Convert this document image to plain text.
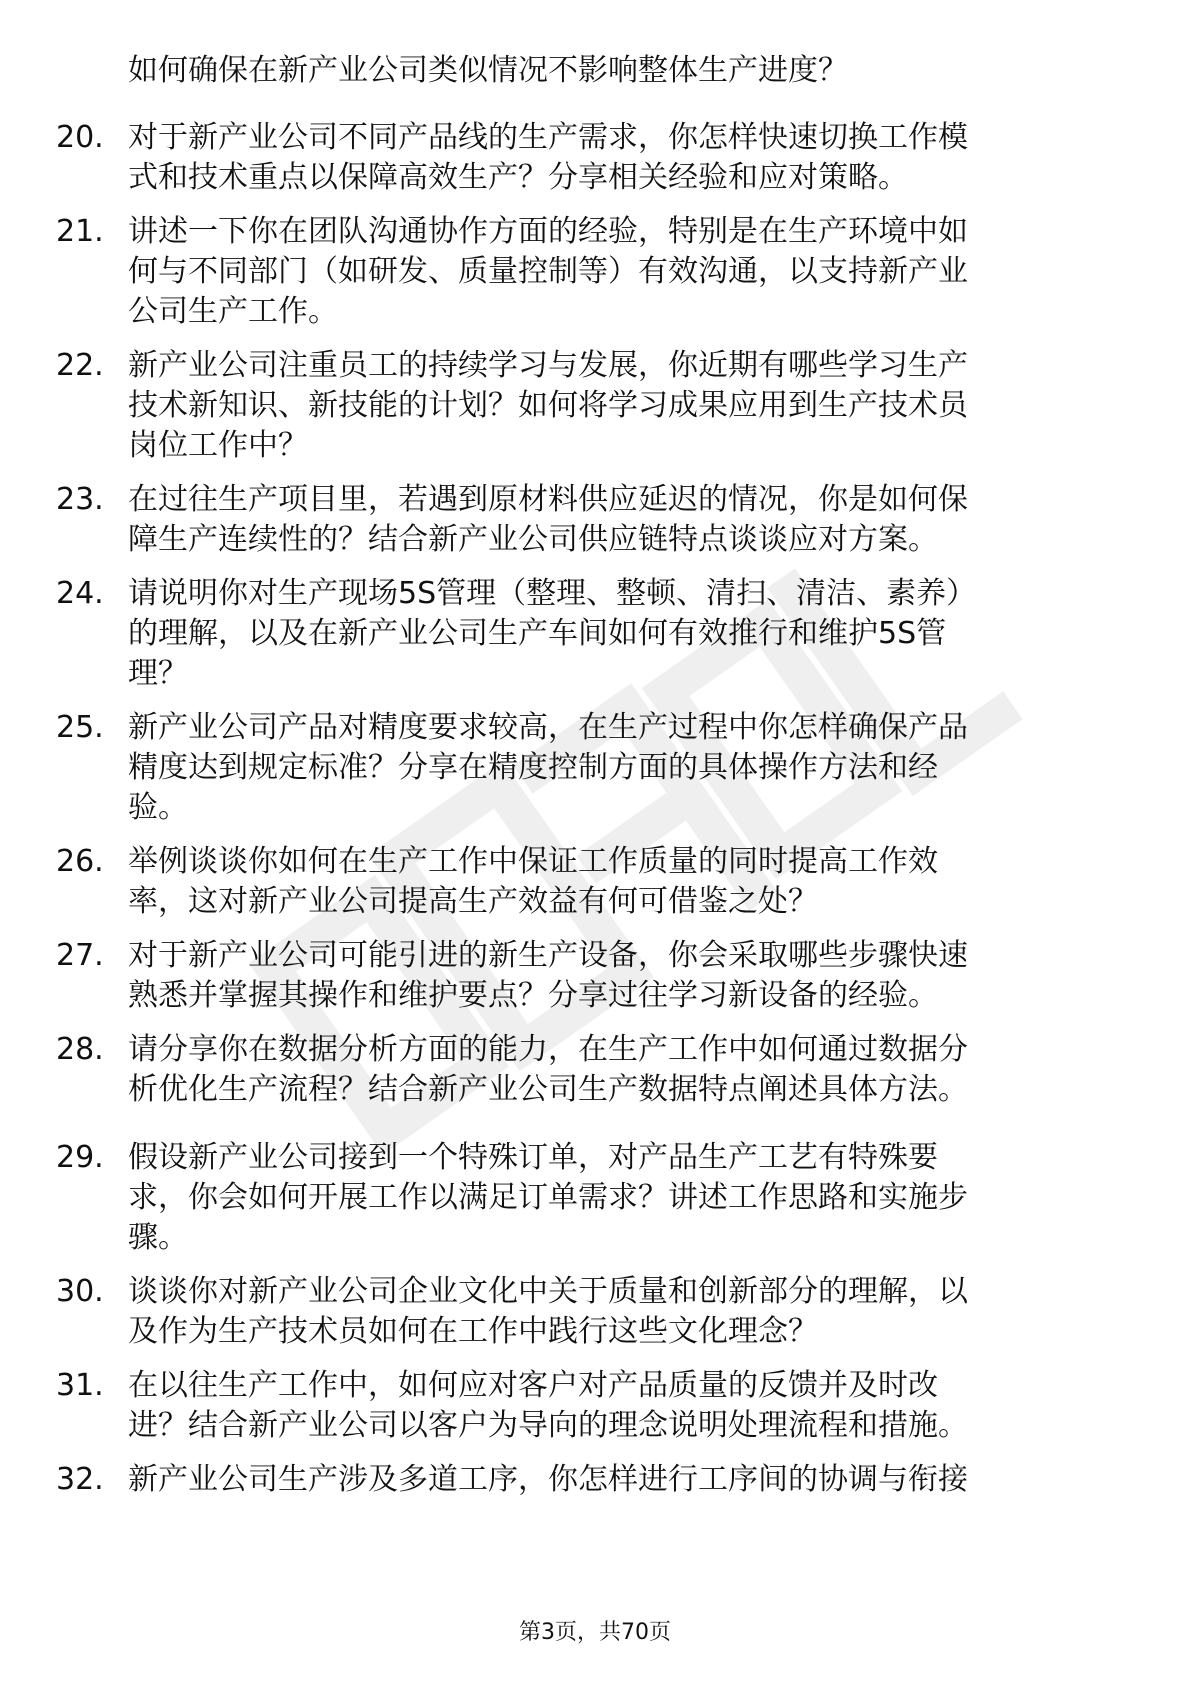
如何确保在新产业公司类似情况不影响整体生产进度？
20. 对于新产业公司不同产品线的生产需求，你怎样快速切换工作模
式和技术重点以保障高效生产？分享相关经验和应对策略。
21. 讲述一下你在团队沟通协作方面的经验，特别是在生产环境中如
何与不同部门（如研发、质量控制等）有效沟通，以支持新产业
公司生产工作。
22. 新产业公司注重员工的持续学习与发展，你近期有哪些学习生产
技术新知识、新技能的计划？如何将学习成果应用到生产技术员
岗位工作中？
23. 在过往生产项目里，若遇到原材料供应延迟的情况，你是如何保
障生产连续性的？结合新产业公司供应链特点谈谈应对方案。
24. 请说明你对生产现场5S管理（整理、整顿、清扫、清洁、素养）
的理解，以及在新产业公司生产车间如何有效推行和维护5S管
理？
25. 新产业公司产品对精度要求较高，在生产过程中你怎样确保产品
精度达到规定标准？分享在精度控制方面的具体操作方法和经
验。
26. 举例谈谈你如何在生产工作中保证工作质量的同时提高工作效
率，这对新产业公司提高生产效益有何可借鉴之处？
27. 对于新产业公司可能引进的新生产设备，你会采取哪些步骤快速
熟悉并掌握其操作和维护要点？分享过往学习新设备的经验。
28. 请分享你在数据分析方面的能力，在生产工作中如何通过数据分
析优化生产流程？结合新产业公司生产数据特点阐述具体方法。
29. 假设新产业公司接到一个特殊订单，对产品生产工艺有特殊要
求，你会如何开展工作以满足订单需求？讲述工作思路和实施步
骤。
30. 谈谈你对新产业公司企业文化中关于质量和创新部分的理解，以
及作为生产技术员如何在工作中践行这些文化理念？
31. 在以往生产工作中，如何应对客户对产品质量的反馈并及时改
进？结合新产业公司以客户为导向的理念说明处理流程和措施。
32. 新产业公司生产涉及多道工序，你怎样进行工序间的协调与衔接
第3页，共70页
